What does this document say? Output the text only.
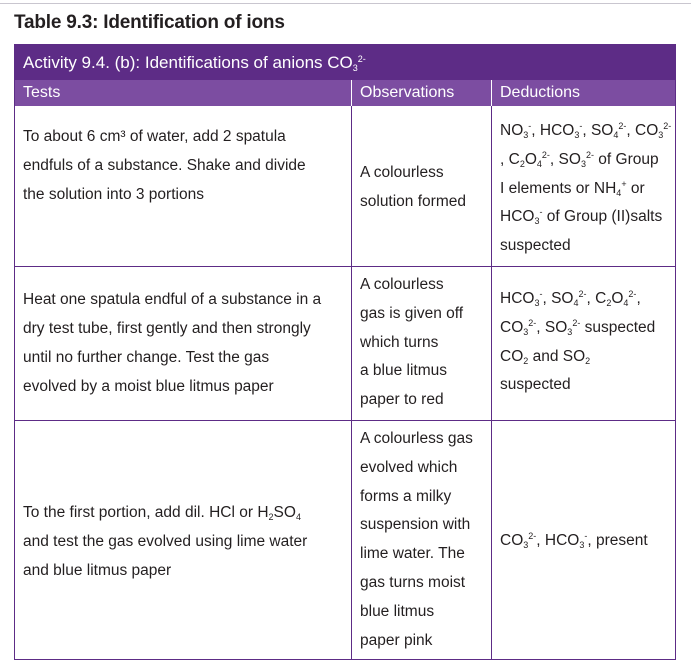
Table 9.3: Identification of ions
Activity 9.4. (b): Identifications of anions $CO_3^{2-}$
Tests	Observations	Deductions

To about 6 cm³ of water, add 2 spatula

endfuls of a substance. Shake and divide

the solution into 3 portions

A colourless

solution formed

$NO_3^-$, $HCO_3^-$, $SO_4^{2-}$, $CO_3^{2-}$

, $C_2O_4^{2-}$, $SO_3^{2-}$ of Group

I elements or $NH_4^+$ or

$HCO_3^-$ of Group (II)salts

suspected

Heat one spatula endful of a substance in a

dry test tube, first gently and then strongly

until no further change. Test the gas

evolved by a moist blue litmus paper

A colourless

gas is given off

which turns

a blue litmus

paper to red

$HCO_3^-$, $SO_4^{2-}$, $C_2O_4^{2-}$,

$CO_3^{2-}$, $SO_3^{2-}$ suspected

$CO_2$ and $SO_2$

suspected

To the first portion, add dil. HCl or $H_2SO_4$

and test the gas evolved using lime water

and blue litmus paper

A colourless gas

evolved which

forms a milky

suspension with

lime water. The

gas turns moist

blue litmus

paper pink

$CO_3^{2-}$, $HCO_3^-$, present
